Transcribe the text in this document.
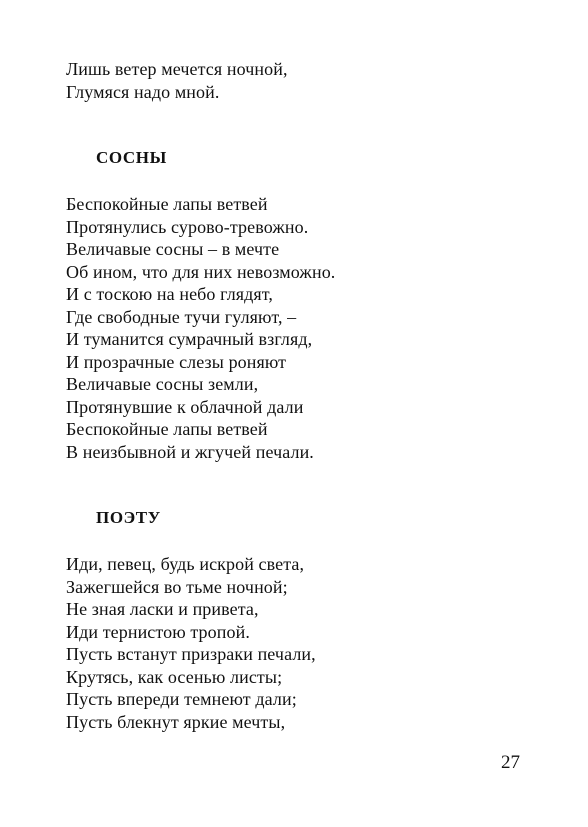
Лишь ветер мечется ночной,
Глумяся надо мной.
СОСНЫ
Беспокойные лапы ветвей
Протянулись сурово-тревожно.
Величавые сосны – в мечте
Об ином, что для них невозможно.
И с тоскою на небо глядят,
Где свободные тучи гуляют, –
И туманится сумрачный взгляд,
И прозрачные слезы роняют
Величавые сосны земли,
Протянувшие к облачной дали
Беспокойные лапы ветвей
В неизбывной и жгучей печали.
ПОЭТУ
Иди, певец, будь искрой света,
Зажегшейся во тьме ночной;
Не зная ласки и привета,
Иди тернистою тропой.
Пусть встанут призраки печали,
Крутясь, как осенью листы;
Пусть впереди темнеют дали;
Пусть блекнут яркие мечты,
27
